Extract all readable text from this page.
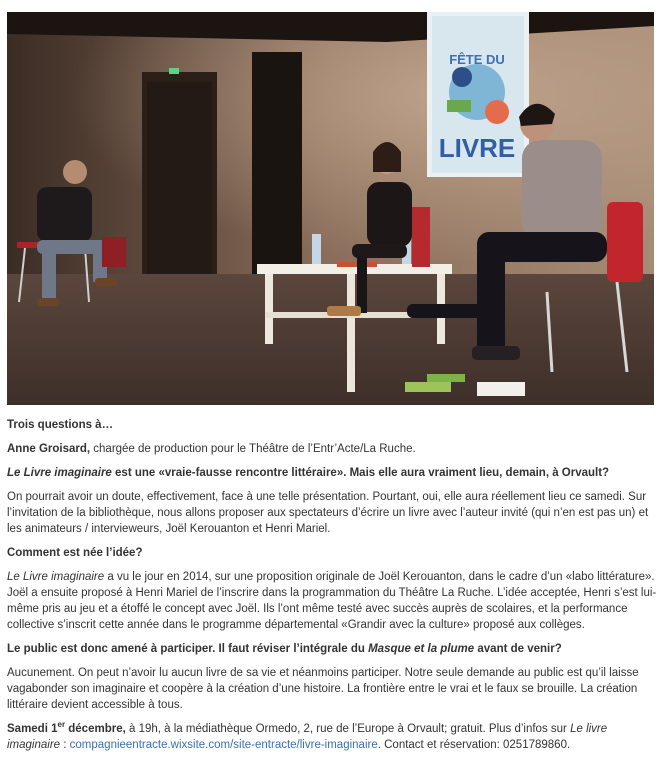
FÊTE DU
LIVRE

Trois questions à…

Anne Groisard, chargée de production pour le Théâtre de l’Entr’Acte/La Ruche.

Le Livre imaginaire est une «vraie-fausse rencontre littéraire». Mais elle aura vraiment lieu, demain, à Orvault?

On pourrait avoir un doute, effectivement, face à une telle présentation. Pourtant, oui, elle aura réellement lieu ce samedi. Sur l’invitation de la bibliothèque, nous allons proposer aux spectateurs d’écrire un livre avec l’auteur invité (qui n’en est pas un) et les animateurs / intervieweurs, Joël Kerouanton et Henri Mariel.

Comment est née l’idée?

Le Livre imaginaire a vu le jour en 2014, sur une proposition originale de Joël Kerouanton, dans le cadre d’un «labo littérature». Joël a ensuite proposé à Henri Mariel de l’inscrire dans la programmation du Théâtre La Ruche. L’idée acceptée, Henri s’est lui-même pris au jeu et a étoffé le concept avec Joël. Ils l’ont même testé avec succès auprès de scolaires, et la performance collective s’inscrit cette année dans le programme départemental «Grandir avec la culture» proposé aux collèges.

Le public est donc amené à participer. Il faut réviser l’intégrale du Masque et la plume avant de venir?

Aucunement. On peut n’avoir lu aucun livre de sa vie et néanmoins participer. Notre seule demande au public est qu’il laisse vagabonder son imaginaire et coopère à la création d’une histoire. La frontière entre le vrai et le faux se brouille. La création littéraire devient accessible à tous.

Samedi 1er décembre, à 19h, à la médiathèque Ormedo, 2, rue de l’Europe à Orvault; gratuit. Plus d’infos sur Le livre imaginaire : compagnieentracte.wixsite.com/site-entracte/livre-imaginaire. Contact et réservation: 0251789860.
